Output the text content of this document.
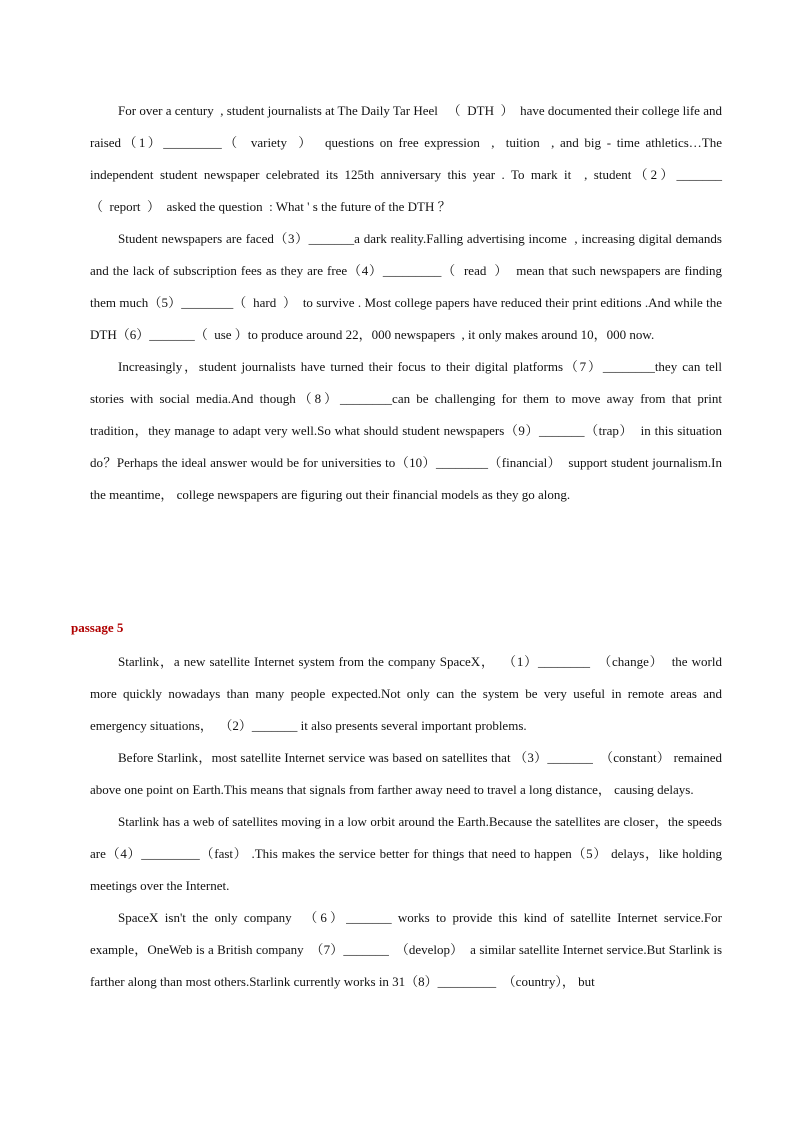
For over a century  , student journalists at The Daily Tar Heel   （  DTH  ）  have documented their college life and raised（1）_________（  variety  ）  questions on free expression  ,  tuition  , and big - time athletics…The independent student newspaper celebrated its 125th anniversary this year . To mark it  , student（2）_______（  report  ）  asked the question  : What ' s the future of the DTH ？

Student newspapers are faced（3）_______a dark reality.Falling advertising income  , increasing digital demands and the lack of subscription fees as they are free（4）_________（  read  ）  mean that such newspapers are finding them much（5）________（  hard  ）  to survive . Most college papers have reduced their print editions .And while the DTH（6）_______（  use ）to produce around 22，000 newspapers  , it only makes around 10，000 now.

Increasingly，student journalists have turned their focus to their digital platforms（7）________they can tell stories with social media.And though（8）________can be challenging for them to move away from that print tradition，they manage to adapt very well.So what should student newspapers（9）_______（trap）  in this situation do？Perhaps the ideal answer would be for universities to（10）________（financial）  support student journalism.In the meantime， college newspapers are figuring out their financial models as they go along.

passage 5

Starlink，a new satellite Internet system from the company SpaceX，  （1）________  （change）  the world more quickly nowadays than many people expected.Not only can the system be very useful in remote areas and emergency situations，  （2）_______ it also presents several important problems.

Before Starlink，most satellite Internet service was based on satellites that （3）_______  （constant） remained above one point on Earth.This means that signals from farther away need to travel a long distance， causing delays.

Starlink has a web of satellites moving in a low orbit around the Earth.Because the satellites are closer，the speeds are（4）_________（fast） .This makes the service better for things that need to happen（5） delays，like holding meetings over the Internet.

SpaceX isn't the only company  （6）_______ works to provide this kind of satellite Internet service.For example，OneWeb is a British company  （7）_______  （develop）  a similar satellite Internet service.But Starlink is farther along than most others.Starlink currently works in 31（8）_________  （country）， but
